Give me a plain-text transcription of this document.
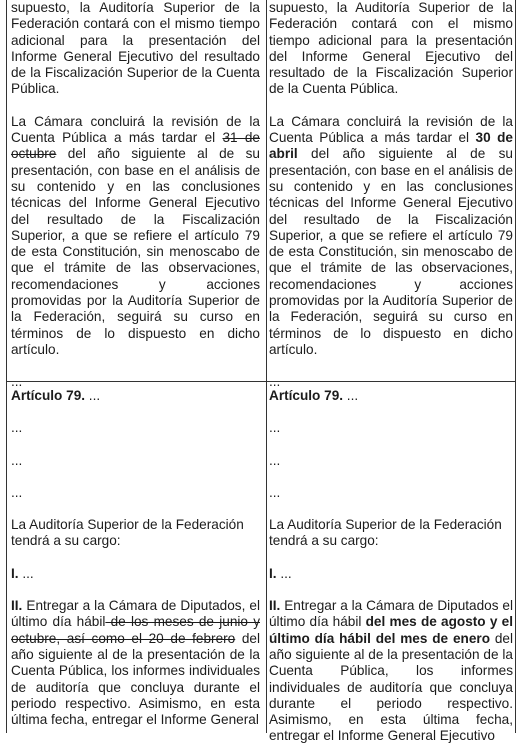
supuesto, la Auditoría Superior de la Federación contará con el mismo tiempo adicional para la presentación del Informe General Ejecutivo del resultado de la Fiscalización Superior de la Cuenta Pública.

La Cámara concluirá la revisión de la Cuenta Pública a más tardar el 31 de octubre del año siguiente al de su presentación, con base en el análisis de su contenido y en las conclusiones técnicas del Informe General Ejecutivo del resultado de la Fiscalización Superior, a que se refiere el artículo 79 de esta Constitución, sin menoscabo de que el trámite de las observaciones, recomendaciones y acciones promovidas por la Auditoría Superior de la Federación, seguirá su curso en términos de lo dispuesto en dicho artículo.

...

supuesto, la Auditoría Superior de la Federación contará con el mismo tiempo adicional para la presentación del Informe General Ejecutivo del resultado de la Fiscalización Superior de la Cuenta Pública.

La Cámara concluirá la revisión de la Cuenta Pública a más tardar el 30 de abril del año siguiente al de su presentación, con base en el análisis de su contenido y en las conclusiones técnicas del Informe General Ejecutivo del resultado de la Fiscalización Superior, a que se refiere el artículo 79 de esta Constitución, sin menoscabo de que el trámite de las observaciones, recomendaciones y acciones promovidas por la Auditoría Superior de la Federación, seguirá su curso en términos de lo dispuesto en dicho artículo.

...

Artículo 79. ...

...

...

...

La Auditoría Superior de la Federación tendrá a su cargo:

I. ...

II. Entregar a la Cámara de Diputados, el último día hábil de los meses de junio y octubre, así como el 20 de febrero del año siguiente al de la presentación de la Cuenta Pública, los informes individuales de auditoría que concluya durante el periodo respectivo. Asimismo, en esta última fecha, entregar el Informe General

Artículo 79. ...

...

...

...

La Auditoría Superior de la Federación tendrá a su cargo:

I. ...

II. Entregar a la Cámara de Diputados el último día hábil del mes de agosto y el último día hábil del mes de enero del año siguiente al de la presentación de la Cuenta Pública, los informes individuales de auditoría que concluya durante el periodo respectivo. Asimismo, en esta última fecha, entregar el Informe General Ejecutivo
